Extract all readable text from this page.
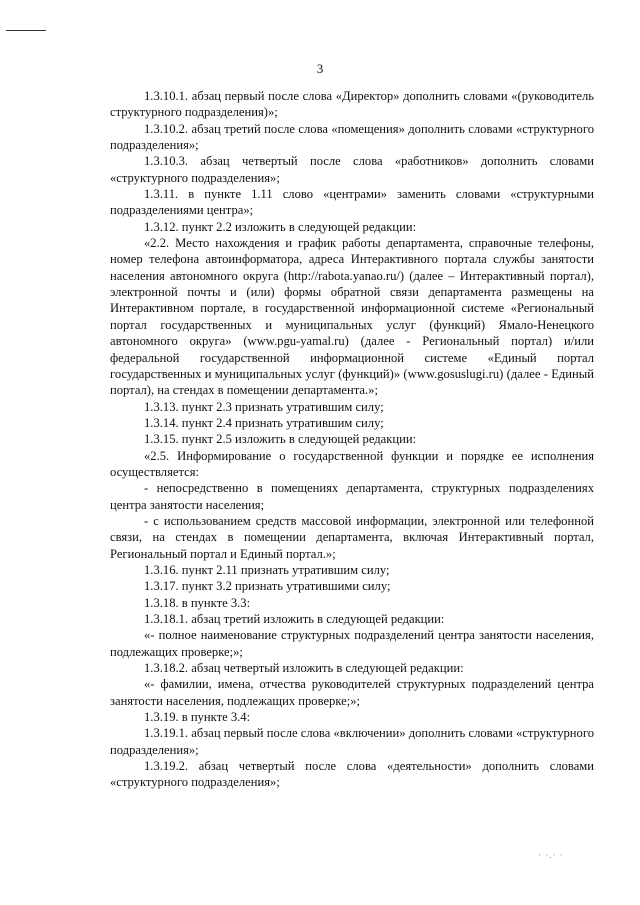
3

1.3.10.1. абзац первый после слова «Директор» дополнить словами «(руководитель структурного подразделения)»;

1.3.10.2. абзац третий после слова «помещения» дополнить словами «структурного подразделения»;

1.3.10.3. абзац четвертый после слова «работников» дополнить словами «структурного подразделения»;

1.3.11. в пункте 1.11 слово «центрами» заменить словами «структурными подразделениями центра»;

1.3.12. пункт 2.2 изложить в следующей редакции:

«2.2. Место нахождения и график работы департамента, справочные телефоны, номер телефона автоинформатора, адреса Интерактивного портала службы занятости населения автономного округа (http://rabota.yanao.ru/) (далее – Интерактивный портал), электронной почты и (или) формы обратной связи департамента размещены на Интерактивном портале, в государственной информационной системе «Региональный портал государственных и муниципальных услуг (функций) Ямало-Ненецкого автономного округа» (www.pgu-yamal.ru) (далее - Региональный портал) и/или федеральной государственной информационной системе «Единый портал государственных и муниципальных услуг (функций)» (www.gosuslugi.ru) (далее - Единый портал), на стендах в помещении департамента.»;

1.3.13. пункт 2.3 признать утратившим силу;

1.3.14. пункт 2.4 признать утратившим силу;

1.3.15. пункт 2.5 изложить в следующей редакции:

«2.5. Информирование о государственной функции и порядке ее исполнения осуществляется:

- непосредственно в помещениях департамента, структурных подразделениях центра занятости населения;

- с использованием средств массовой информации, электронной или телефонной связи, на стендах в помещении департамента, включая Интерактивный портал, Региональный портал и Единый портал.»;

1.3.16. пункт 2.11 признать утратившим силу;

1.3.17. пункт 3.2 признать утратившими силу;

1.3.18. в пункте 3.3:

1.3.18.1. абзац третий изложить в следующей редакции:

«- полное наименование структурных подразделений центра занятости населения, подлежащих проверке;»;

1.3.18.2. абзац четвертый изложить в следующей редакции:

«- фамилии, имена, отчества руководителей структурных подразделений центра занятости населения, подлежащих проверке;»;

1.3.19. в пункте 3.4:

1.3.19.1. абзац первый после слова «включении» дополнить словами «структурного подразделения»;

1.3.19.2. абзац четвертый после слова «деятельности» дополнить словами «структурного подразделения»;

· ·.· ·
